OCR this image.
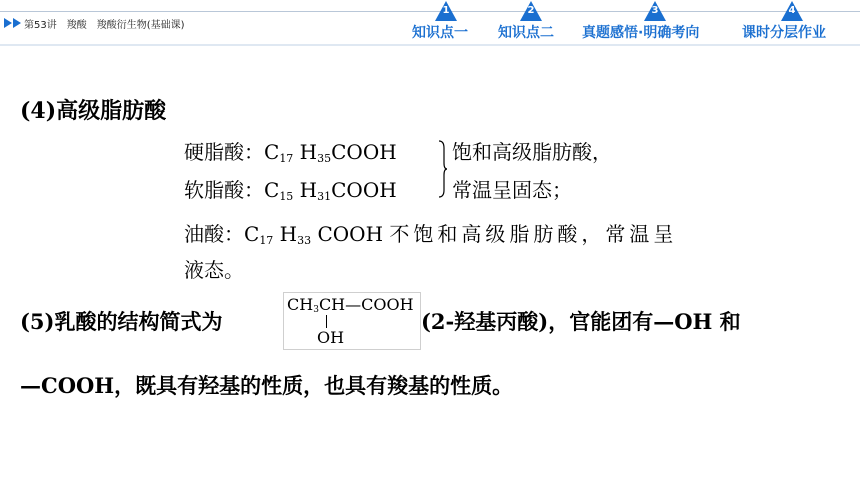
第53讲　羧酸　羧酸衍生物(基础课)
1
知识点一
2
知识点二
3
真题感悟·明确考向
4
课时分层作业
(4)高级脂肪酸
硬脂酸：$C_{17}$ $H_{35}COOH$
软脂酸：$C_{15}$ $H_{31}COOH$
饱和高级脂肪酸，
常温呈固态；
油酸：$C_{17}$ $H_{33}$ COOH 不饱和高级脂肪酸，常温呈
液态。
(5)乳酸的结构简式为
$CH_3CH—COOH$
OH
(2-羟基丙酸)，官能团有—OH 和
—COOH，既具有羟基的性质，也具有羧基的性质。
